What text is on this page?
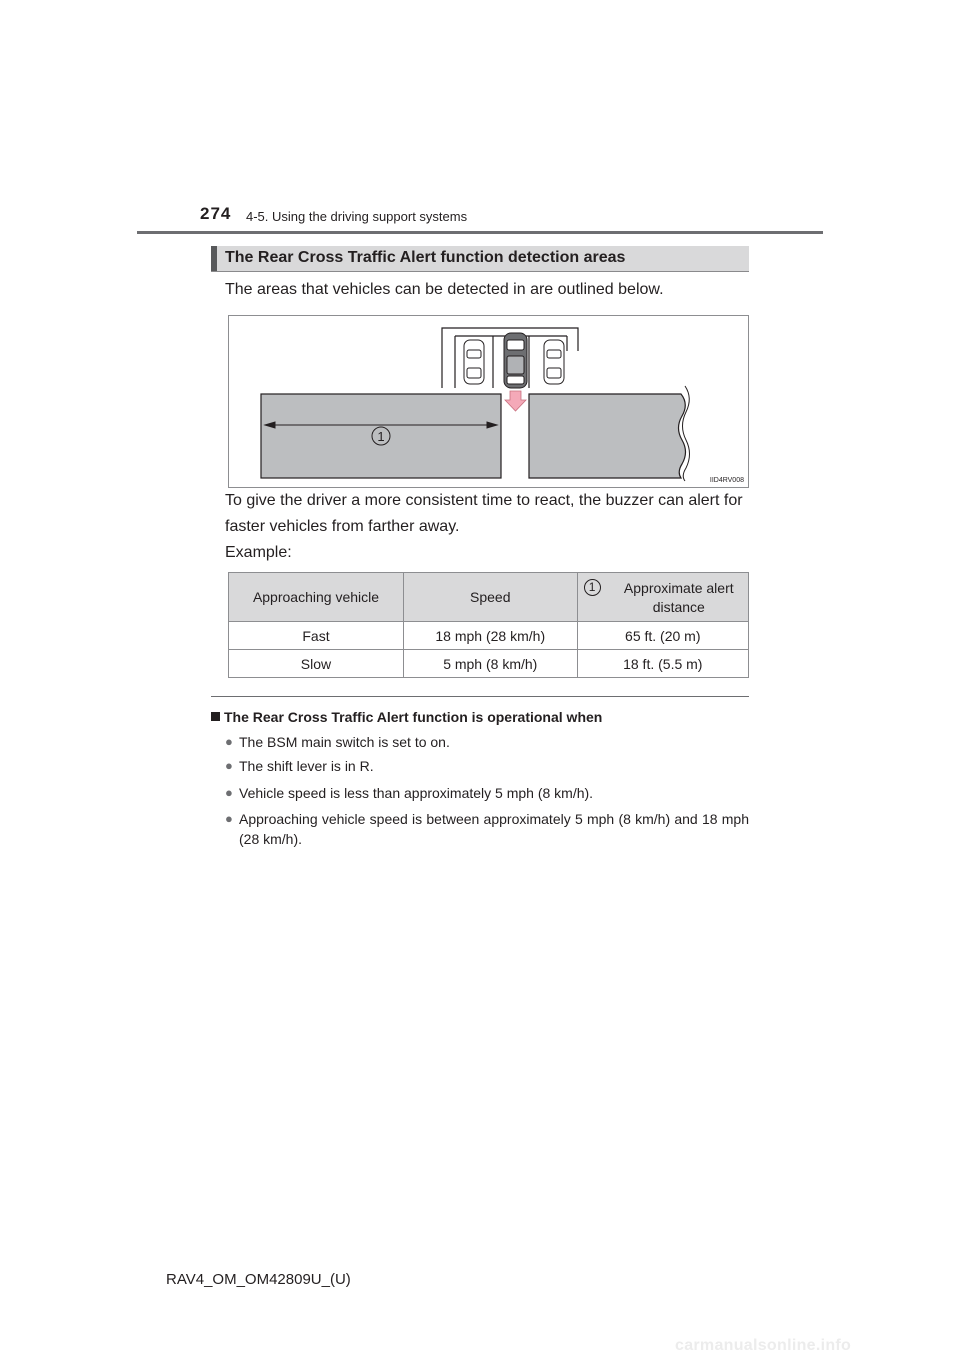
274 4-5. Using the driving support systems
The Rear Cross Traffic Alert function detection areas
The areas that vehicles can be detected in are outlined below.
1
IID4RV008
To give the driver a more consistent time to react, the buzzer can alert for faster vehicles from farther away.
Example:
Approaching vehicle	Speed	1 Approximate alert distance

Fast	18 mph (28 km/h)	65 ft. (20 m)
Slow	5 mph (8 km/h)	18 ft. (5.5 m)
The Rear Cross Traffic Alert function is operational when
● The BSM main switch is set to on.
● The shift lever is in R.
● Vehicle speed is less than approximately 5 mph (8 km/h).
● Approaching vehicle speed is between approximately 5 mph (8 km/h) and 18 mph (28 km/h).
RAV4_OM_OM42809U_(U)
carmanualsonline.info
